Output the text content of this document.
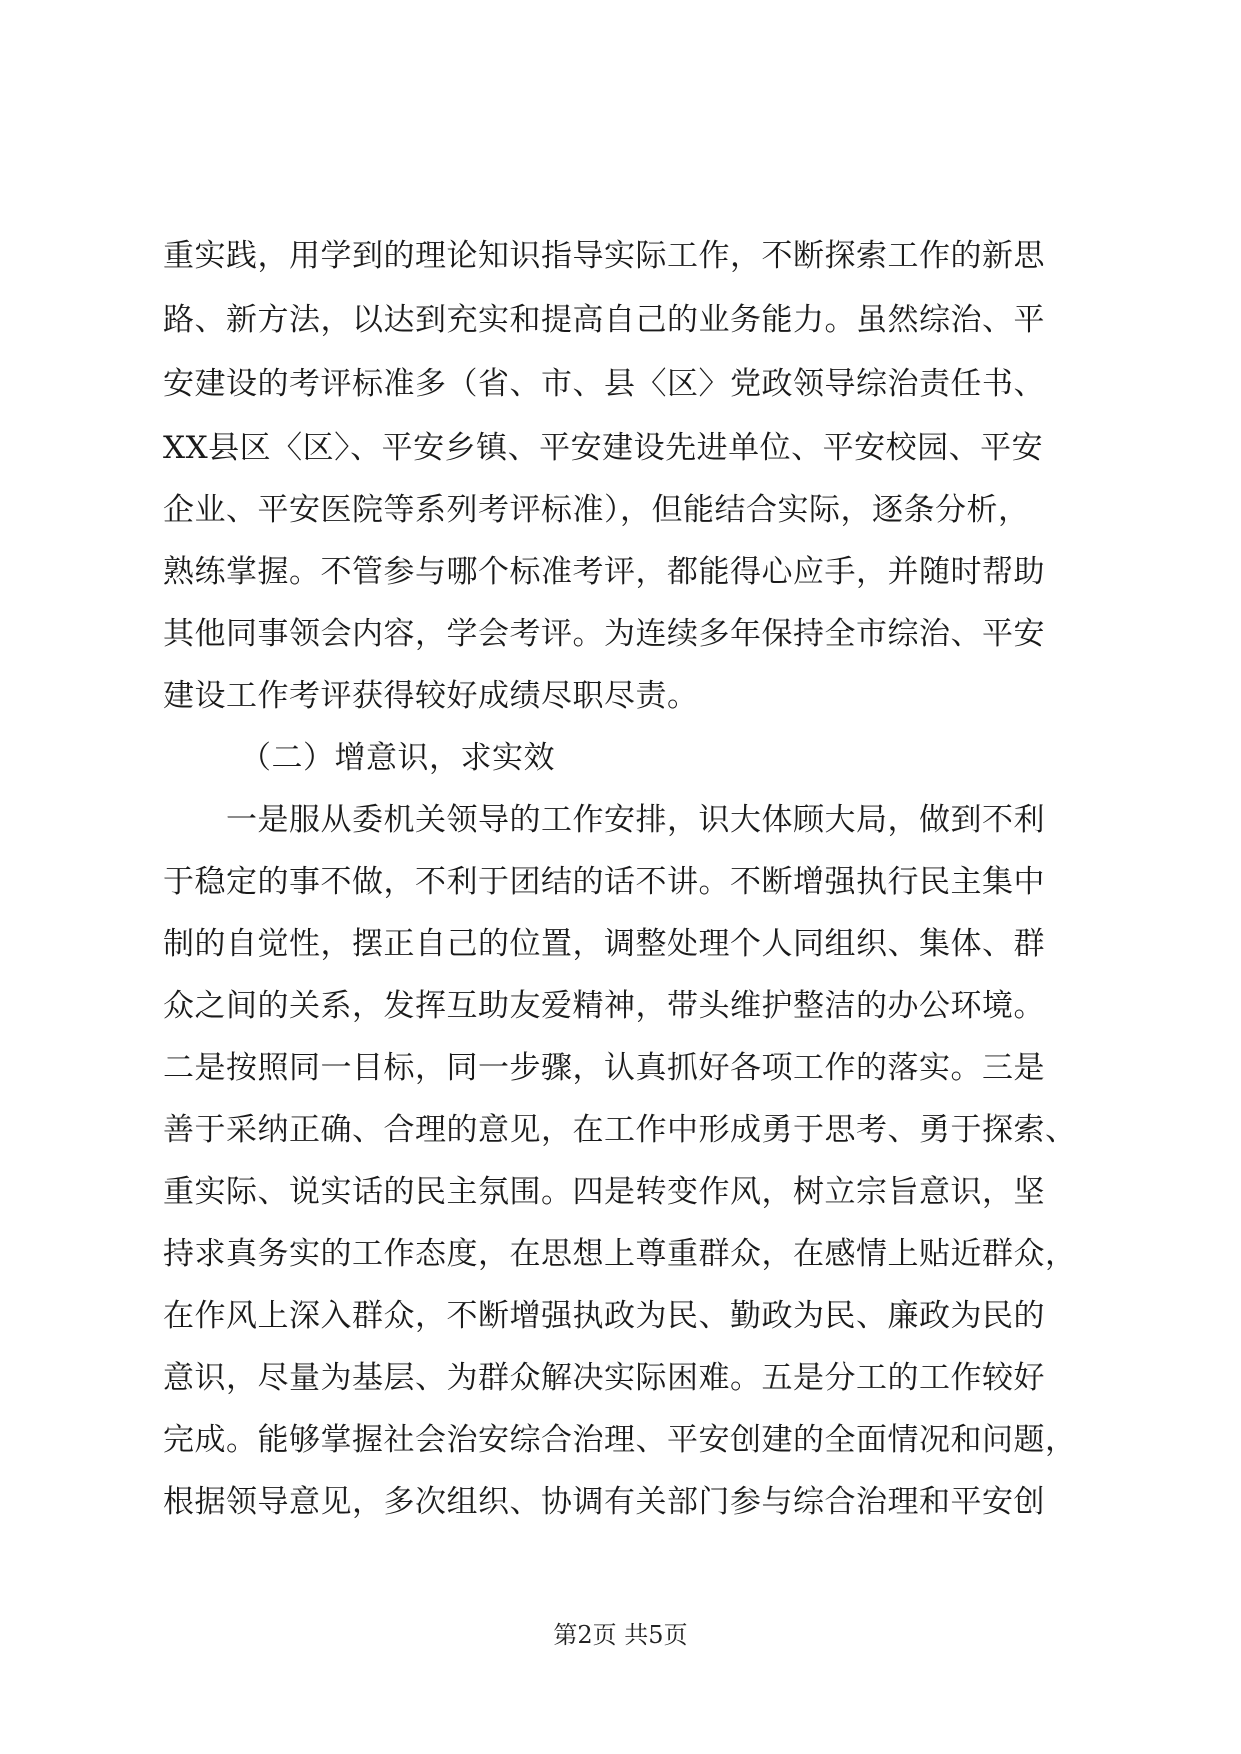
重实践，用学到的理论知识指导实际工作，不断探索工作的新思
路、新方法，以达到充实和提高自己的业务能力。虽然综治、平
安建设的考评标准多（省、市、县〈区〉党政领导综治责任书、
XX县区〈区〉、平安乡镇、平安建设先进单位、平安校园、平安
企业、平安医院等系列考评标准），但能结合实际，逐条分析，
熟练掌握。不管参与哪个标准考评，都能得心应手，并随时帮助
其他同事领会内容，学会考评。为连续多年保持全市综治、平安
建设工作考评获得较好成绩尽职尽责。
（二）增意识，求实效
一是服从委机关领导的工作安排，识大体顾大局，做到不利
于稳定的事不做，不利于团结的话不讲。不断增强执行民主集中
制的自觉性，摆正自己的位置，调整处理个人同组织、集体、群
众之间的关系，发挥互助友爱精神，带头维护整洁的办公环境。
二是按照同一目标，同一步骤，认真抓好各项工作的落实。三是
善于采纳正确、合理的意见，在工作中形成勇于思考、勇于探索、
重实际、说实话的民主氛围。四是转变作风，树立宗旨意识，坚
持求真务实的工作态度，在思想上尊重群众，在感情上贴近群众，
在作风上深入群众，不断增强执政为民、勤政为民、廉政为民的
意识，尽量为基层、为群众解决实际困难。五是分工的工作较好
完成。能够掌握社会治安综合治理、平安创建的全面情况和问题，
根据领导意见，多次组织、协调有关部门参与综合治理和平安创
第2页 共5页
